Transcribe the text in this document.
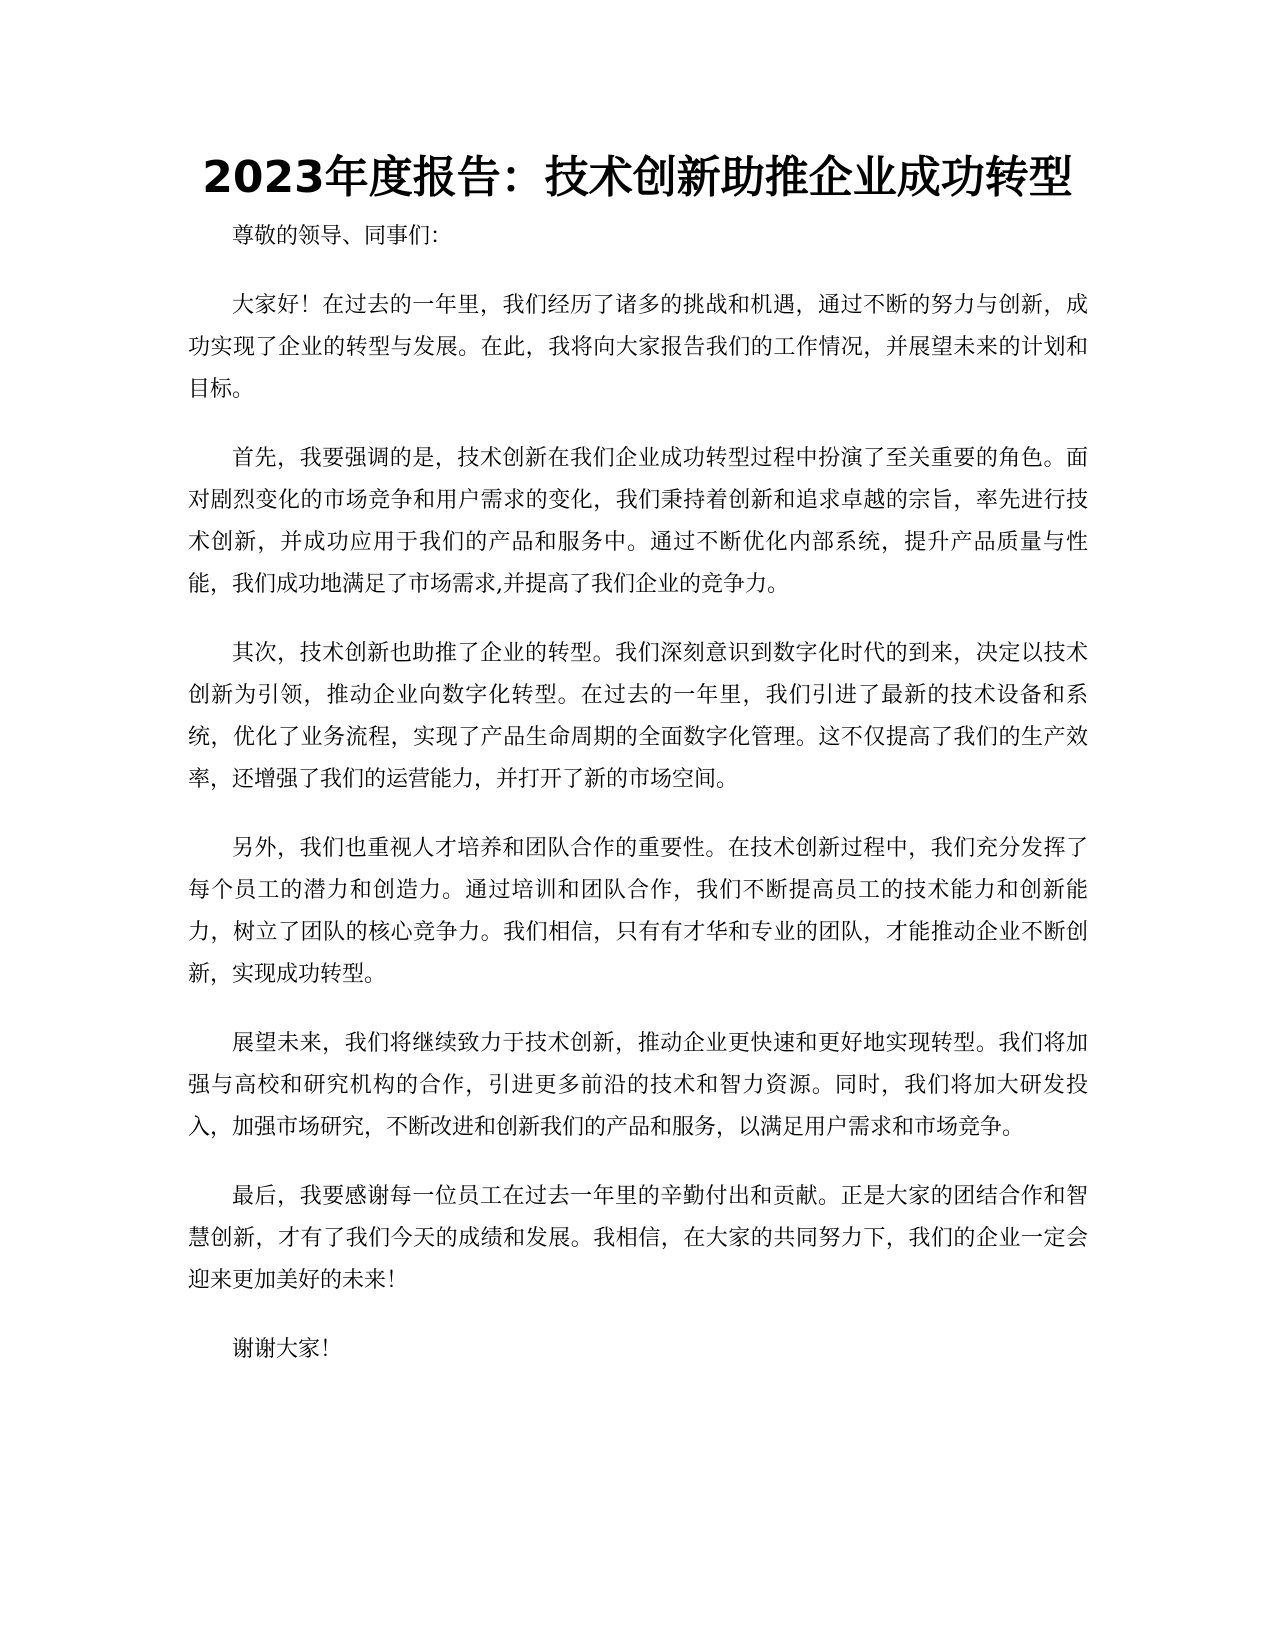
2023年度报告：技术创新助推企业成功转型

尊敬的领导、同事们：

大家好！在过去的一年里，我们经历了诸多的挑战和机遇，通过不断的努力与创新，成功实现了企业的转型与发展。在此，我将向大家报告我们的工作情况，并展望未来的计划和目标。

首先，我要强调的是，技术创新在我们企业成功转型过程中扮演了至关重要的角色。面对剧烈变化的市场竞争和用户需求的变化，我们秉持着创新和追求卓越的宗旨，率先进行技术创新，并成功应用于我们的产品和服务中。通过不断优化内部系统，提升产品质量与性能，我们成功地满足了市场需求,并提高了我们企业的竞争力。

其次，技术创新也助推了企业的转型。我们深刻意识到数字化时代的到来，决定以技术创新为引领，推动企业向数字化转型。在过去的一年里，我们引进了最新的技术设备和系统，优化了业务流程，实现了产品生命周期的全面数字化管理。这不仅提高了我们的生产效率，还增强了我们的运营能力，并打开了新的市场空间。

另外，我们也重视人才培养和团队合作的重要性。在技术创新过程中，我们充分发挥了每个员工的潜力和创造力。通过培训和团队合作，我们不断提高员工的技术能力和创新能力，树立了团队的核心竞争力。我们相信，只有有才华和专业的团队，才能推动企业不断创新，实现成功转型。

展望未来，我们将继续致力于技术创新，推动企业更快速和更好地实现转型。我们将加强与高校和研究机构的合作，引进更多前沿的技术和智力资源。同时，我们将加大研发投入，加强市场研究，不断改进和创新我们的产品和服务，以满足用户需求和市场竞争。

最后，我要感谢每一位员工在过去一年里的辛勤付出和贡献。正是大家的团结合作和智慧创新，才有了我们今天的成绩和发展。我相信，在大家的共同努力下，我们的企业一定会迎来更加美好的未来！

谢谢大家！
